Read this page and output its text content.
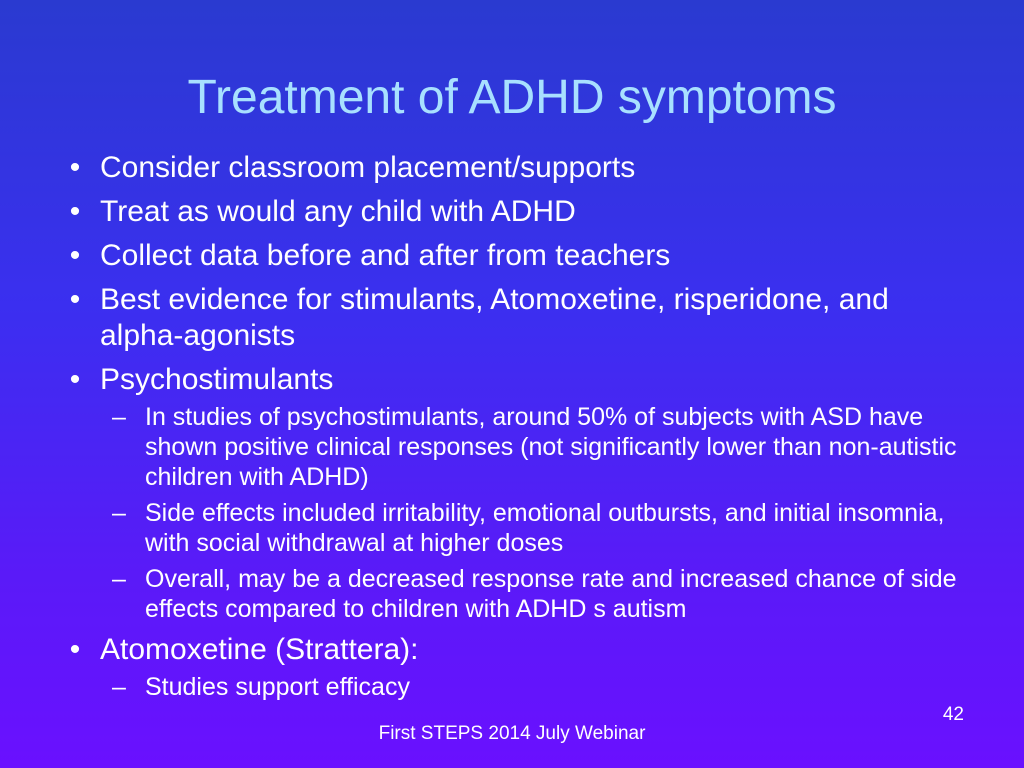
Treatment of ADHD symptoms
• Consider classroom placement/supports
• Treat as would any child with ADHD
• Collect data before and after from teachers
• Best evidence for stimulants, Atomoxetine, risperidone, and alpha-agonists
• Psychostimulants
– In studies of psychostimulants, around 50% of subjects with ASD have shown positive clinical responses (not significantly lower than non-autistic children with ADHD)
– Side effects included irritability, emotional outbursts, and initial insomnia, with social withdrawal at higher doses
– Overall, may be a decreased response rate and increased chance of side effects compared to children with ADHD s autism
• Atomoxetine (Strattera):
– Studies support efficacy
42
First STEPS 2014 July Webinar
